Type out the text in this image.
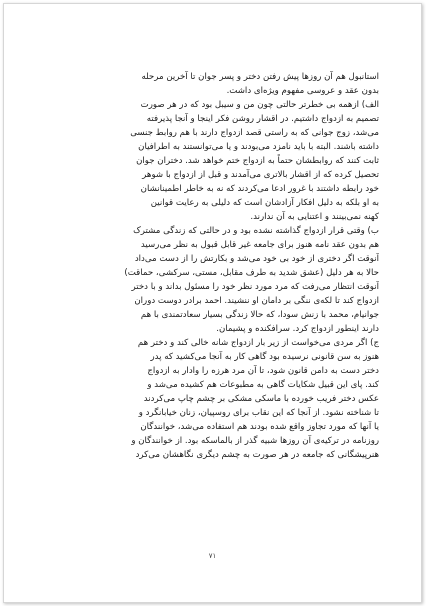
استانبول هم آن روزها پیش رفتن دختر و پسر جوان تا آخرین مرحله
بدون عقد و عروسی مفهوم ویژه‌ای داشت.
الف) ازهمه بی خطرتر حالتی چون من و سیبل بود که در هر صورت
تصمیم به ازدواج داشتیم. در اقشار روشن فکر اینجا و آنجا پذیرفته
می‌شد، زوج جوانی که به راستی قصد ازدواج دارند با هم روابط جنسی
داشته باشند. البته با باید نامزد می‌بودند و یا می‌توانستند به اطرافیان
ثابت کنند که روابطشان حتماً به ازدواج ختم خواهد شد. دختران جوان
تحصیل کرده که از اقشار بالاتری می‌آمدند و قبل از ازدواج با شوهر
خود رابطه داشتند با غرور ادعا می‌کردند که نه به خاطر اطمینانشان
به او بلکه به دلیل افکار آزادشان است که دلیلی به رعایت قوانین
کهنه نمی‌بینند و اعتنایی به آن ندارند.
ب) وقتی قرار ازدواج گذاشته نشده بود و در حالتی که زندگی مشترک
هم بدون عقد نامه هنوز برای جامعه غیر قابل قبول به نظر می‌رسید
آنوقت اگر دختری از خود بی خود می‌شد و بکارتش را از دست می‌داد
حالا به هر دلیل (عشق شدید به طرف مقابل، مستی، سرکشی، حماقت)
آنوقت انتظار می‌رفت که مرد مورد نظر خود را مسئول بداند و با دختر
ازدواج کند تا لکه‌ی ننگی بر دامان او ننشیند. احمد برادر دوست دوران
جوانیام، محمد با زنش سودا، که حالا زندگی بسیار سعادتمندی با هم
دارند اینطور ازدواج کرد. سرافکنده و پشیمان.
ج) اگر مردی می‌خواست از زیر بار ازدواج شانه خالی کند و دختر هم
هنوز به سن قانونی نرسیده بود گاهی کار به آنجا می‌کشید که پدر
دختر دست به دامن قانون شود، تا آن مرد هرزه را وادار به ازدواج
کند. پای این قبیل شکایات گاهی به مطبوعات هم کشیده می‌شد و
عکس دختر فریب خورده با ماسکی مشکی بر چشم چاپ می‌کردند
تا شناخته نشود. از آنجا که این نقاب برای روسپیان، زنان خیابانگرد و
یا آنها که مورد تجاوز واقع شده بودند هم استفاده می‌شد، خوانندگان
روزنامه در ترکیه‌ی آن روزها شبیه گذر از بالماسکه بود. از خوانندگان و
هنرپیشگانی که جامعه در هر صورت به چشم دیگری نگاهشان می‌کرد
۷۱
